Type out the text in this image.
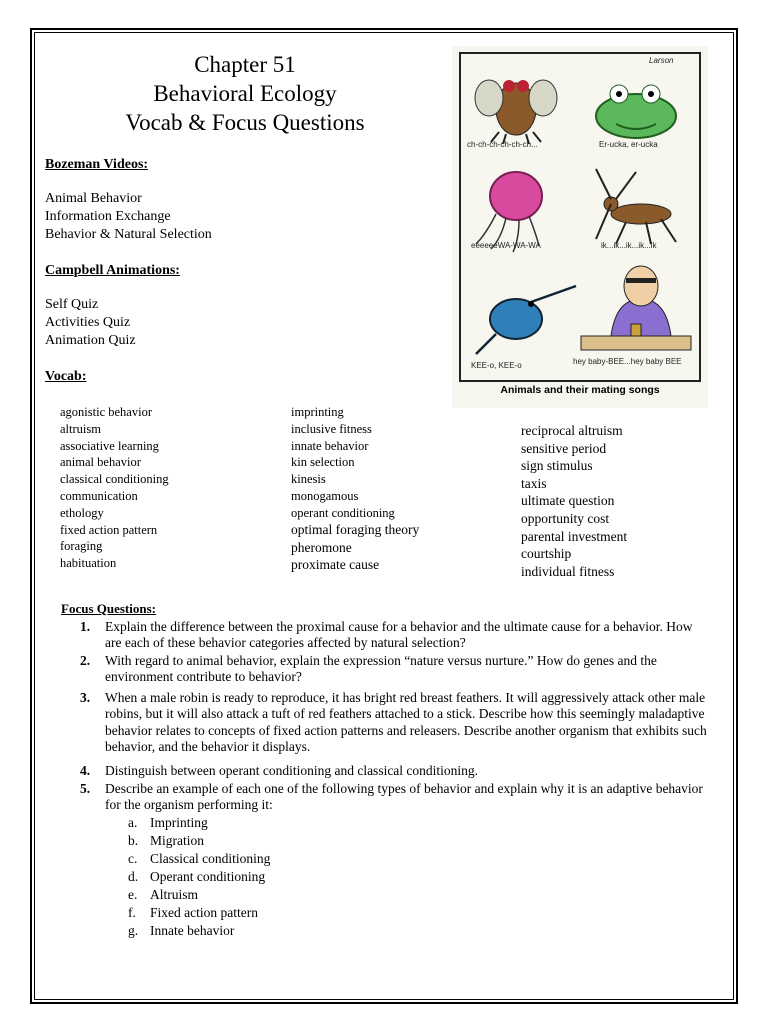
Chapter 51
Behavioral Ecology
Vocab & Focus Questions
Bozeman Videos:
Animal Behavior
Information Exchange
Behavior & Natural Selection
Campbell Animations:
Self Quiz
Activities Quiz
Animation Quiz
Vocab:
agonistic behavior
altruism
associative learning
animal behavior
classical conditioning
communication
ethology
fixed action pattern
foraging
habituation
imprinting
inclusive fitness
innate behavior
kin selection
kinesis
monogamous
operant conditioning
optimal foraging theory
pheromone
proximate cause
reciprocal altruism
sensitive period
sign stimulus
taxis
ultimate question
opportunity cost
parental investment
courtship
individual fitness
Larson
ch-ch-ch-ch-ch-ch...	Er-ucka, er-ucka
eeeeeeWA-WA-WA	ik...ik...ik...ik...ik
KEE-o, KEE-o	hey baby-BEE...hey baby BEE
Animals and their mating songs
Focus Questions:
1.	Explain the difference between the proximal cause for a behavior and the ultimate cause for a behavior. How are each of these behavior categories affected by natural selection?
2.	With regard to animal behavior, explain the expression “nature versus nurture.” How do genes and the environment contribute to behavior?
3.	When a male robin is ready to reproduce, it has bright red breast feathers. It will aggressively attack other male robins, but it will also attack a tuft of red feathers attached to a stick. Describe how this seemingly maladaptive behavior relates to concepts of fixed action patterns and releasers. Describe another organism that exhibits such behavior, and the behavior it displays.
4.	Distinguish between operant conditioning and classical conditioning.
5.	Describe an example of each one of the following types of behavior and explain why it is an adaptive behavior for the organism performing it:
a. Imprinting
b. Migration
c. Classical conditioning
d. Operant conditioning
e. Altruism
f. Fixed action pattern
g. Innate behavior
